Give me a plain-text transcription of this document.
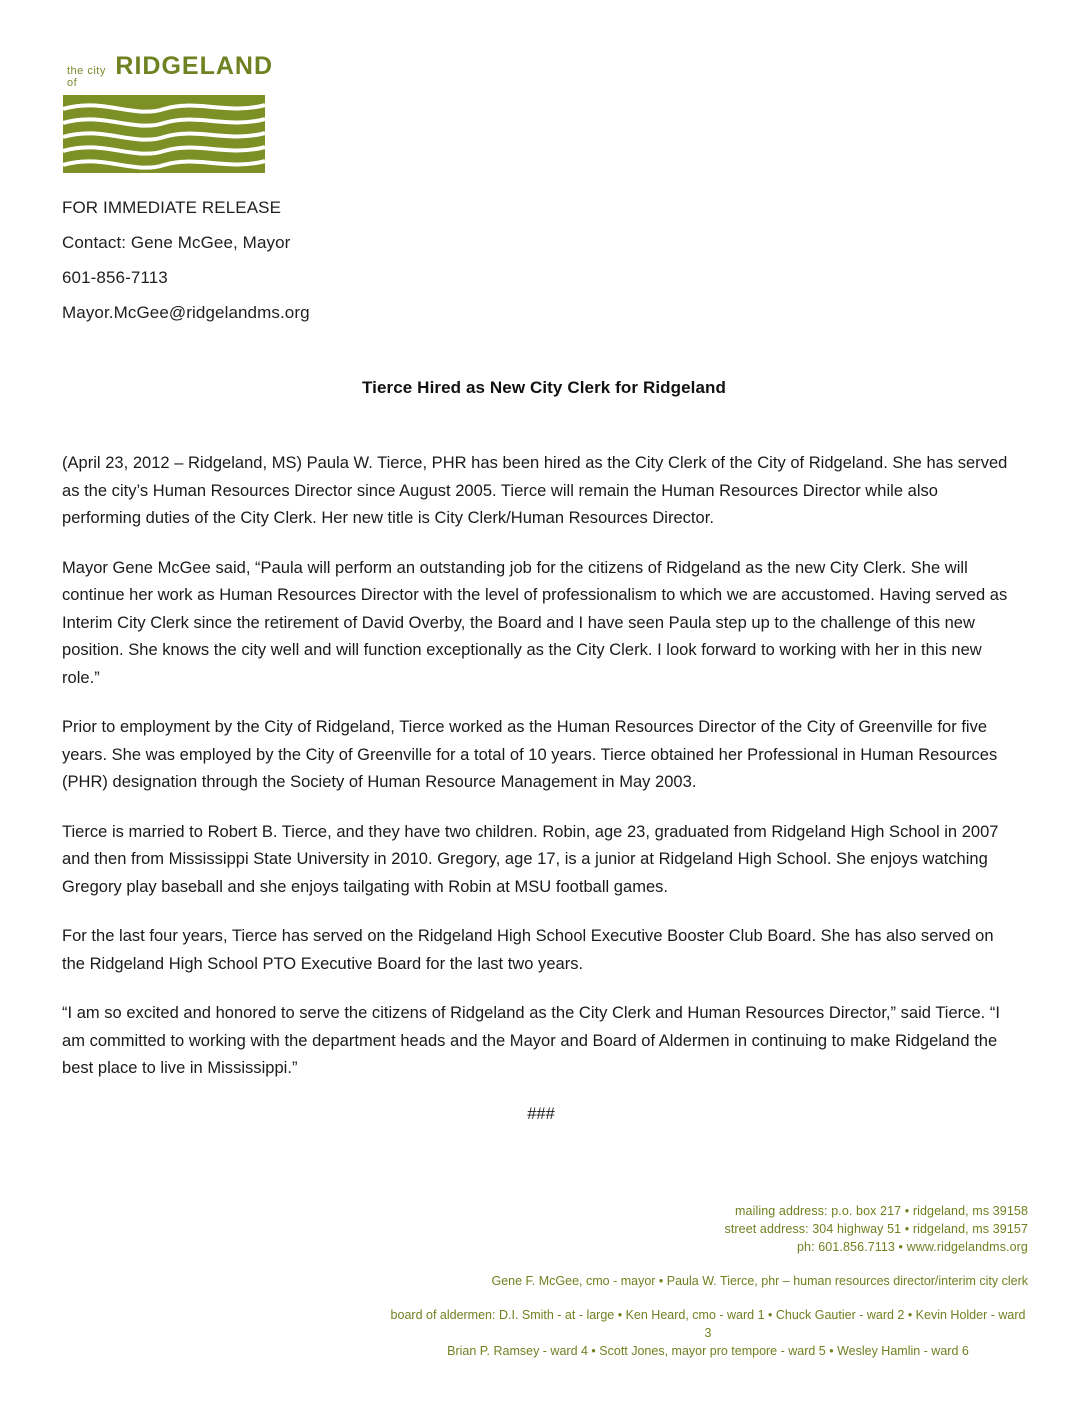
the city of
RIDGELAND
FOR IMMEDIATE RELEASE
Contact: Gene McGee, Mayor
601-856-7113
Mayor.McGee@ridgelandms.org
Tierce Hired as New City Clerk for Ridgeland

(April 23, 2012 – Ridgeland, MS) Paula W. Tierce, PHR has been hired as the City Clerk of the City of Ridgeland. She has served as the city’s Human Resources Director since August 2005. Tierce will remain the Human Resources Director while also performing duties of the City Clerk. Her new title is City Clerk/Human Resources Director.

Mayor Gene McGee said, “Paula will perform an outstanding job for the citizens of Ridgeland as the new City Clerk. She will continue her work as Human Resources Director with the level of professionalism to which we are accustomed. Having served as Interim City Clerk since the retirement of David Overby, the Board and I have seen Paula step up to the challenge of this new position. She knows the city well and will function exceptionally as the City Clerk. I look forward to working with her in this new role.”

Prior to employment by the City of Ridgeland, Tierce worked as the Human Resources Director of the City of Greenville for five years. She was employed by the City of Greenville for a total of 10 years. Tierce obtained her Professional in Human Resources (PHR) designation through the Society of Human Resource Management in May 2003.

Tierce is married to Robert B. Tierce, and they have two children. Robin, age 23, graduated from Ridgeland High School in 2007 and then from Mississippi State University in 2010. Gregory, age 17, is a junior at Ridgeland High School. She enjoys watching Gregory play baseball and she enjoys tailgating with Robin at MSU football games.

For the last four years, Tierce has served on the Ridgeland High School Executive Booster Club Board. She has also served on the Ridgeland High School PTO Executive Board for the last two years.

“I am so excited and honored to serve the citizens of Ridgeland as the City Clerk and Human Resources Director,” said Tierce. “I am committed to working with the department heads and the Mayor and Board of Aldermen in continuing to make Ridgeland the best place to live in Mississippi.”

###
mailing address: p.o. box 217 • ridgeland, ms 39158
street address: 304 highway 51 • ridgeland, ms 39157
ph: 601.856.7113 • www.ridgelandms.org
Gene F. McGee, cmo - mayor • Paula W. Tierce, phr – human resources director/interim city clerk
board of aldermen: D.I. Smith - at - large • Ken Heard, cmo - ward 1 • Chuck Gautier - ward 2 • Kevin Holder - ward 3
Brian P. Ramsey - ward 4 • Scott Jones, mayor pro tempore - ward 5 • Wesley Hamlin - ward 6
